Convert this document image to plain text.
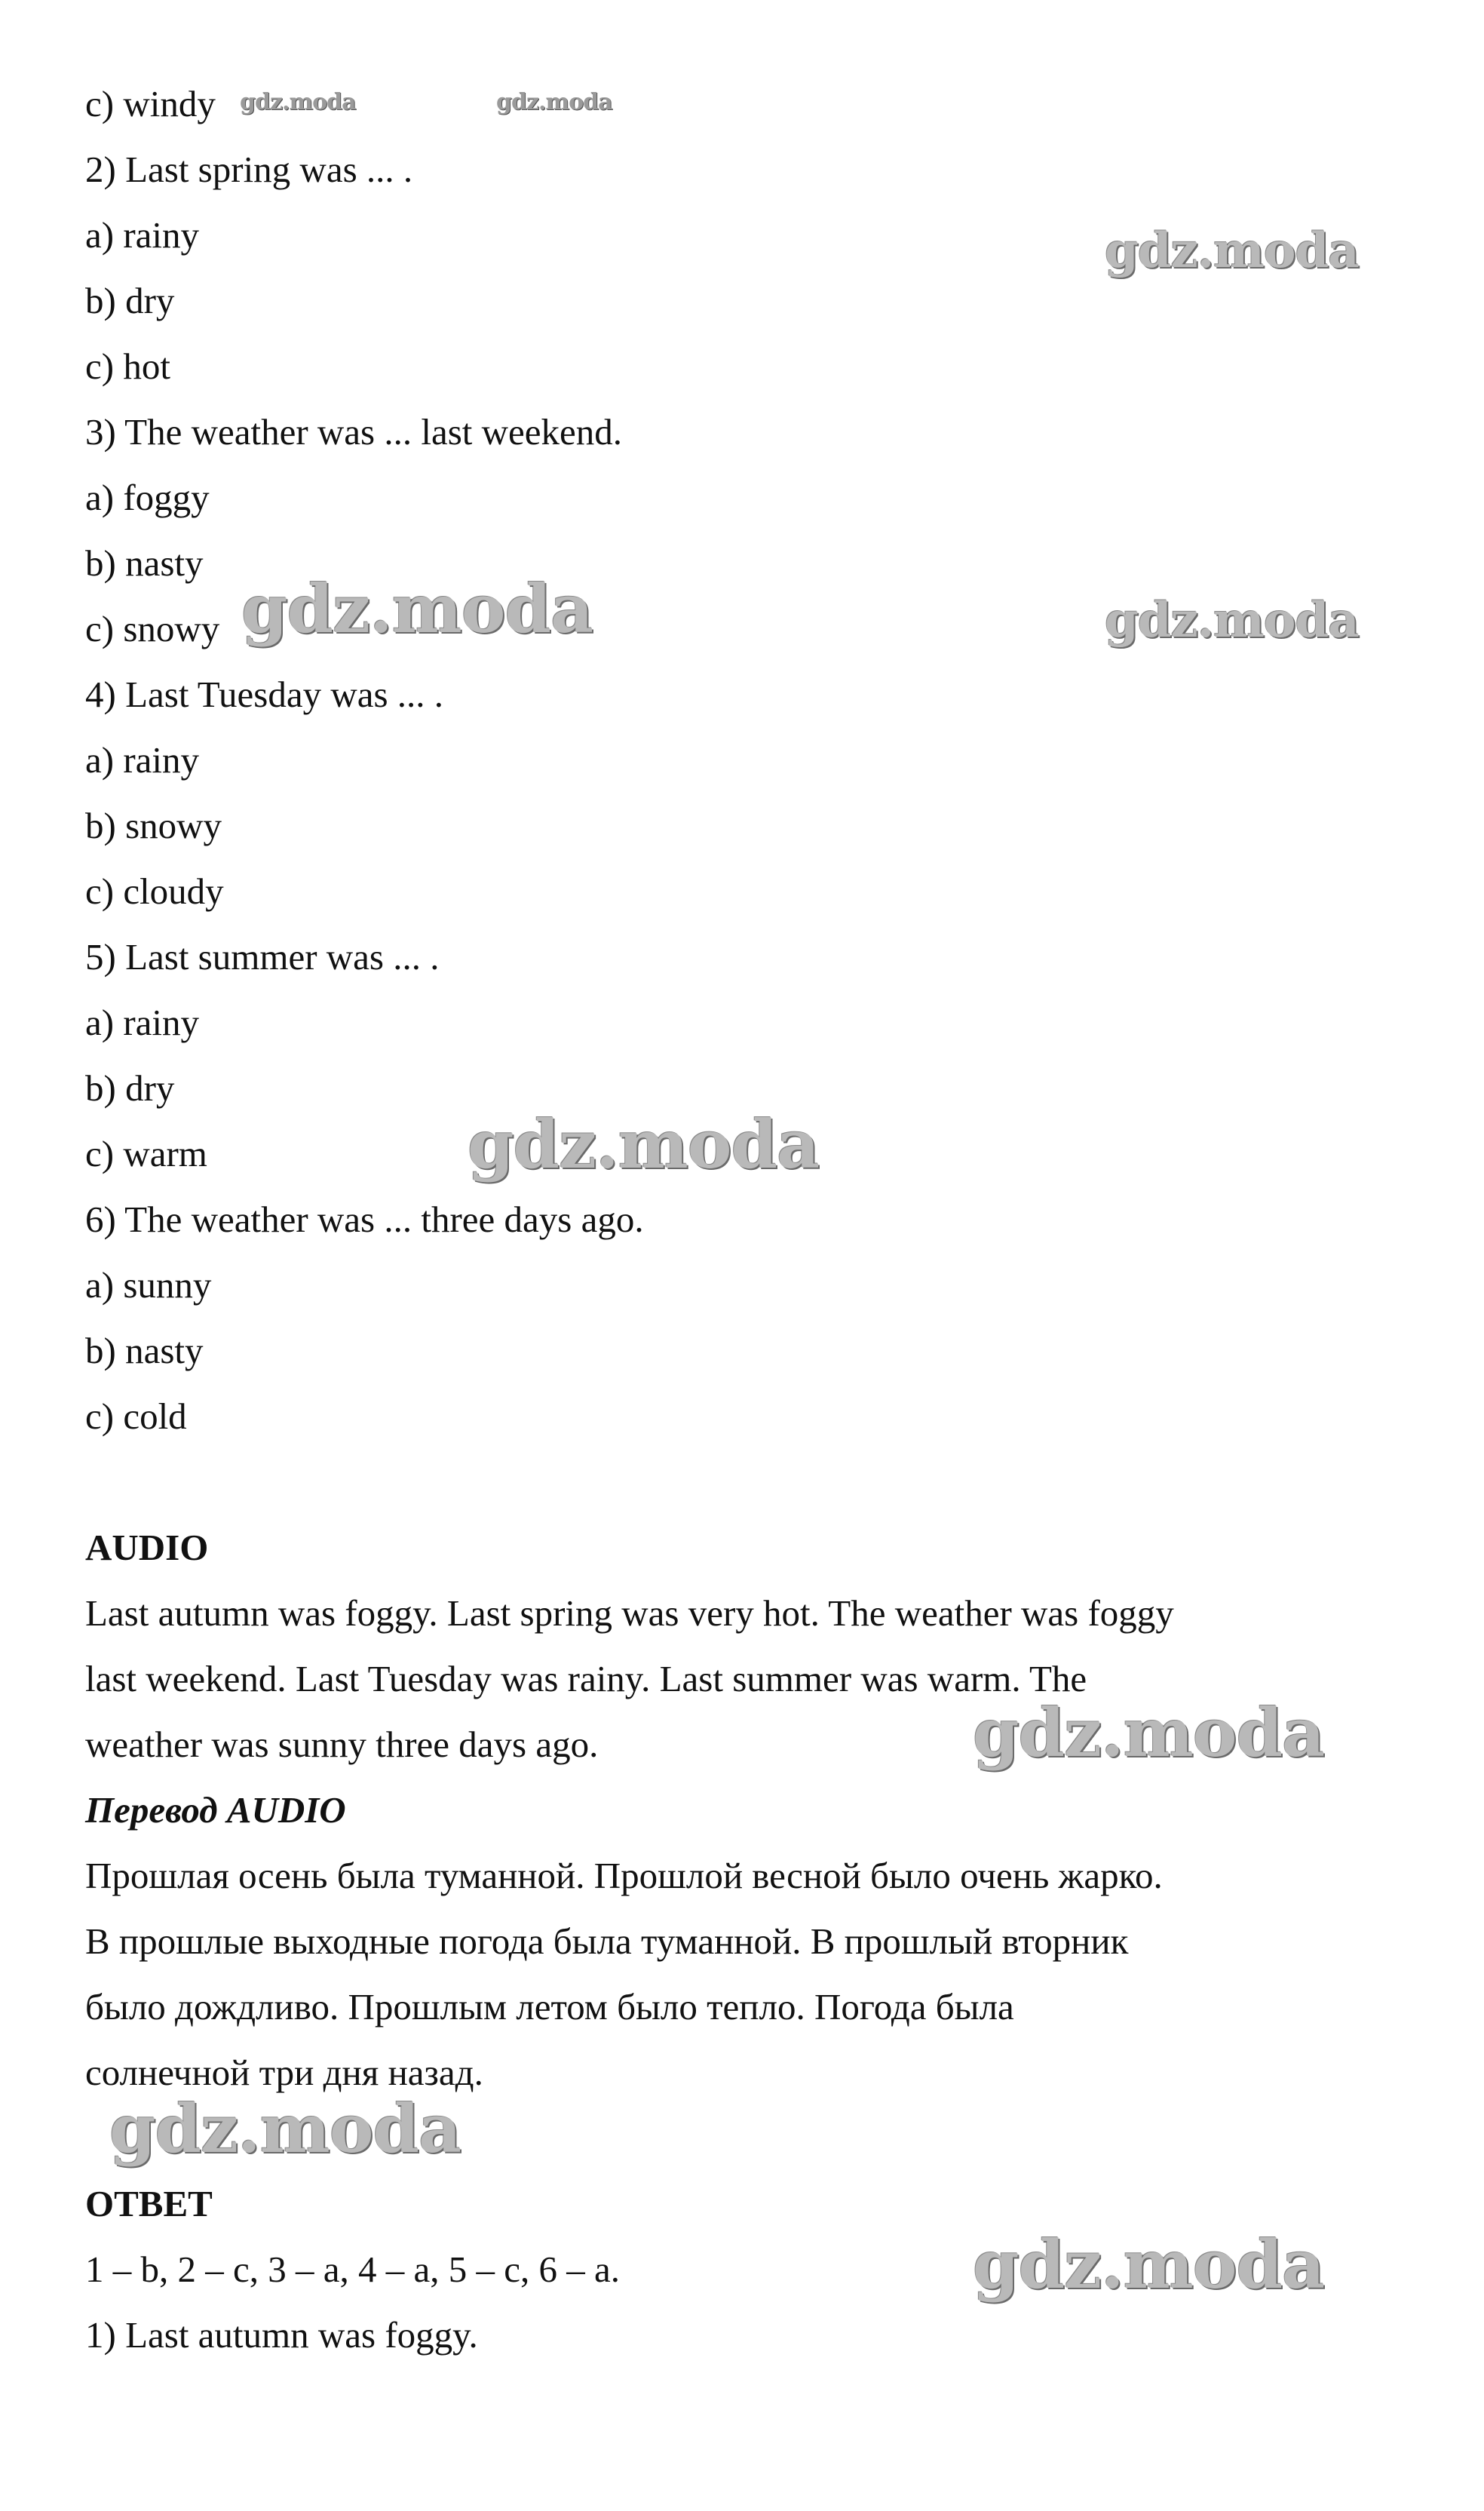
c) windy
2) Last spring was ... .
a) rainy
b) dry
c) hot
3) The weather was ... last weekend.
a) foggy
b) nasty
c) snowy
4) Last Tuesday was ... .
a) rainy
b) snowy
c) cloudy
5) Last summer was ... .
a) rainy
b) dry
c) warm
6) The weather was ... three days ago.
a) sunny
b) nasty
c) cold
AUDIO
Last autumn was foggy. Last spring was very hot. The weather was foggy
last weekend. Last Tuesday was rainy. Last summer was warm. The
weather was sunny three days ago.
Перевод AUDIO
Прошлая осень была туманной. Прошлой весной было очень жарко.
В прошлые выходные погода была туманной. В прошлый вторник
было дождливо. Прошлым летом было тепло. Погода была
солнечной три дня назад.
ОТВЕТ
1 – b, 2 – c, 3 – a, 4 – a, 5 – c, 6 – a.
1) Last autumn was foggy.
gdz.moda	gdz.moda
gdz.moda
gdz.moda	gdz.moda
gdz.moda
gdz.moda
gdz.moda
gdz.moda
